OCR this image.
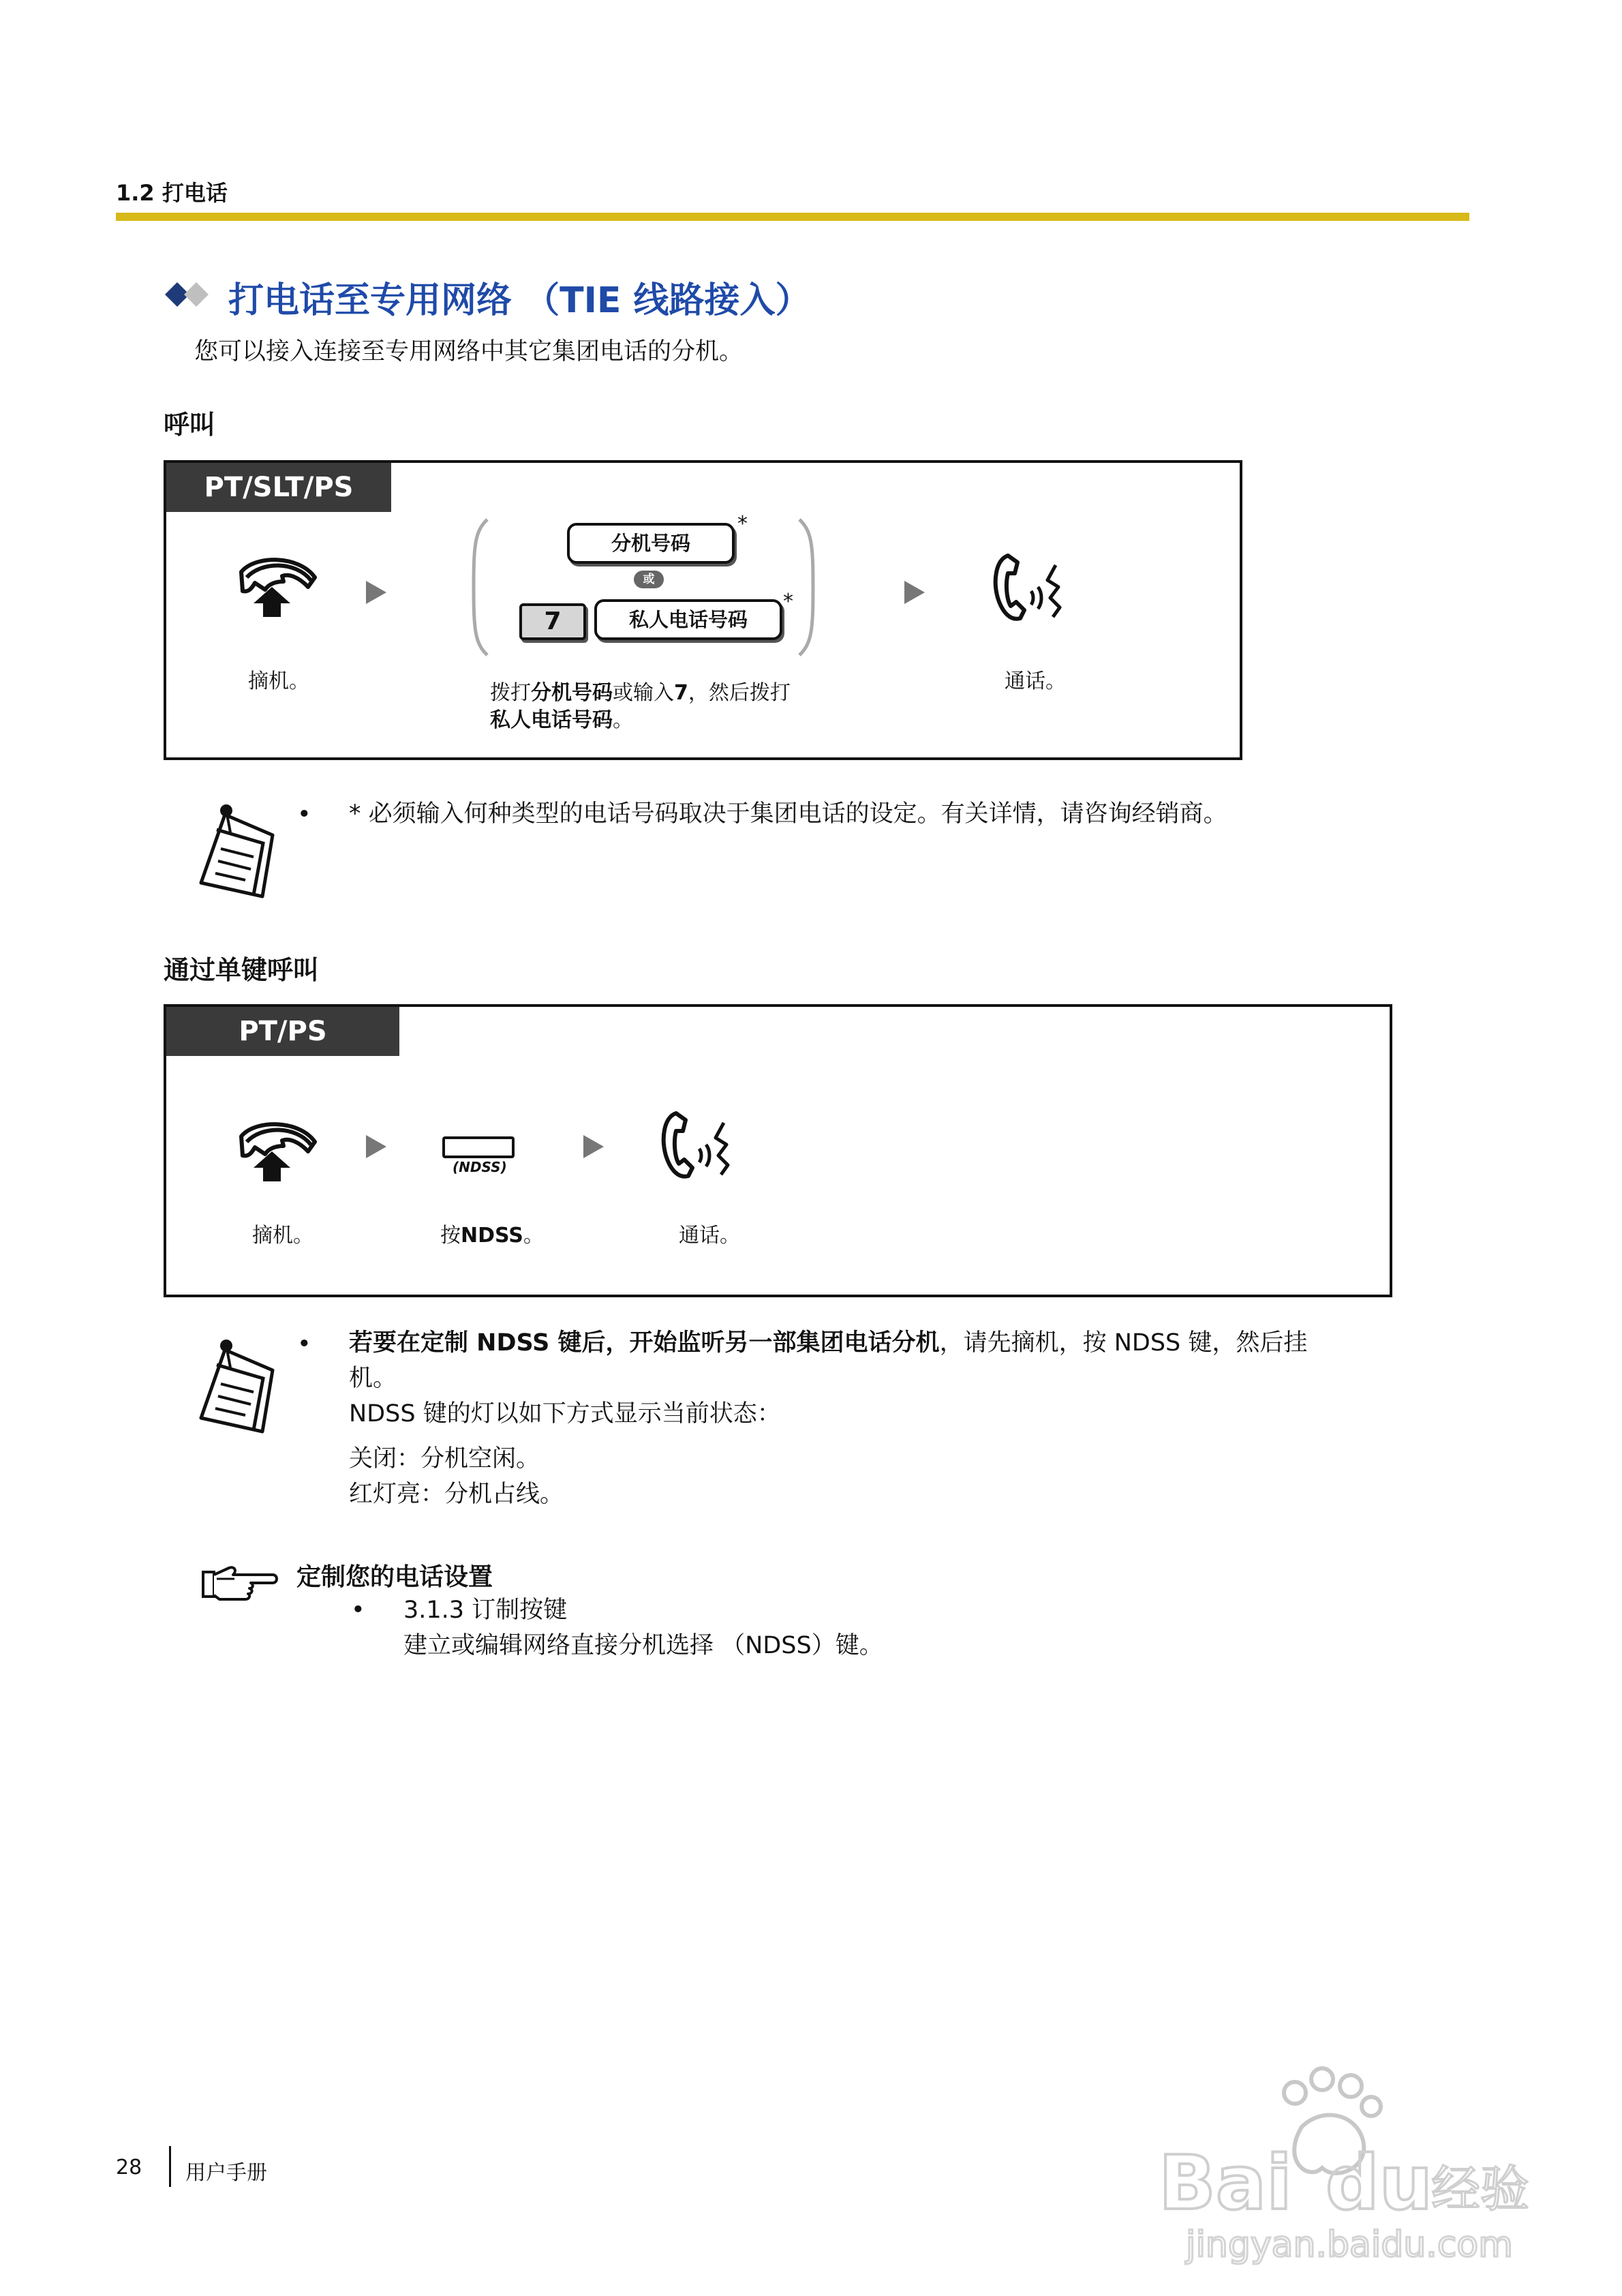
1.2 打电话
打电话至专用网络 （TIE 线路接入）
您可以接入连接至专用网络中其它集团电话的分机。
呼叫
PT/SLT/PS
摘机。
分机号码
*
或
7	私人电话号码
*
拨打分机号码或输入7，然后拨打
私人电话号码。
通话。
• * 必须输入何种类型的电话号码取决于集团电话的设定。有关详情，请咨询经销商。
通过单键呼叫
PT/PS
摘机。
(NDSS)
按NDSS。	通话。
• 若要在定制 NDSS 键后，开始监听另一部集团电话分机，请先摘机，按 NDSS 键，然后挂
机。
NDSS 键的灯以如下方式显示当前状态：
关闭：分机空闲。
红灯亮：分机占线。
定制您的电话设置
• 3.1.3 订制按键
建立或编辑网络直接分机选择 （NDSS）键。
28 用户手册	Bai du
经验
jingyan.baidu.com
